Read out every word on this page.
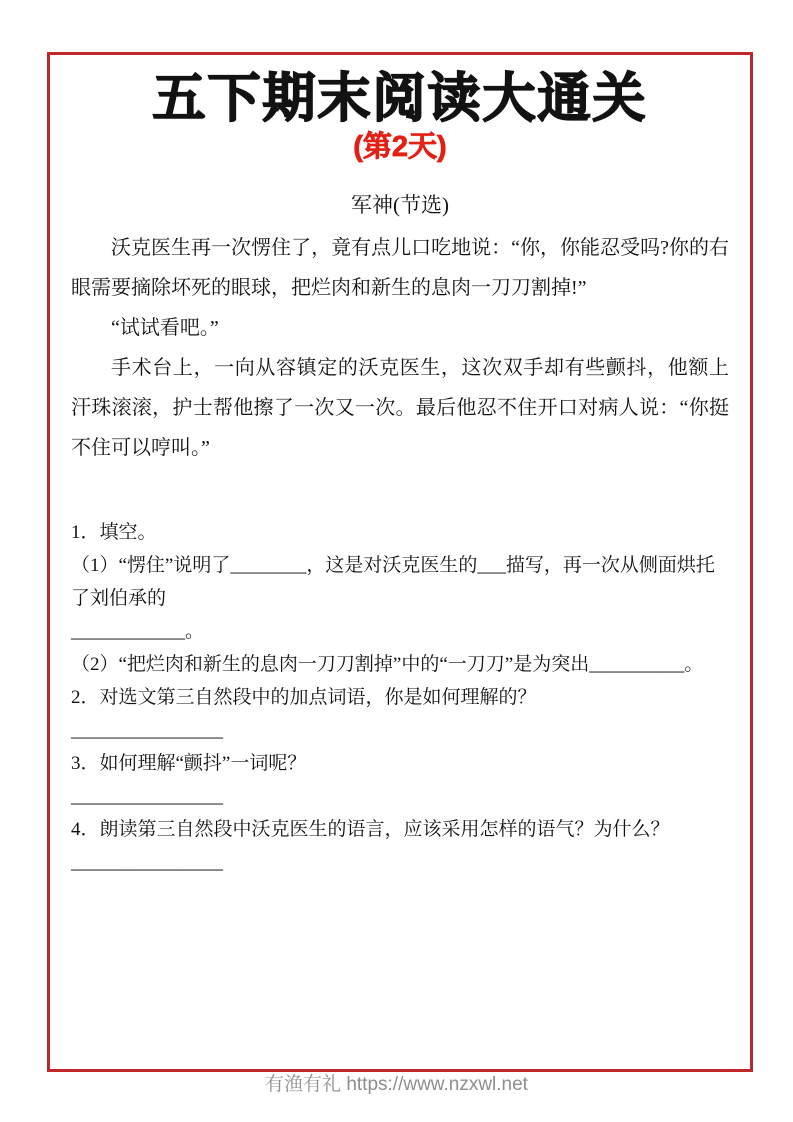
五下期末阅读大通关
(第2天)
军神(节选)

沃克医生再一次愣住了，竟有点儿口吃地说：“你，你能忍受吗?你的右眼需要摘除坏死的眼球，把烂肉和新生的息肉一刀刀割掉!”

“试试看吧。”

手术台上，一向从容镇定的沃克医生，这次双手却有些颤抖，他额上汗珠滚滚，护士帮他擦了一次又一次。最后他忍不住开口对病人说：“你挺不住可以哼叫。”

1．填空。
（1）“愣住”说明了________，这是对沃克医生的___描写，再一次从侧面烘托了刘伯承的
____________。
（2）“把烂肉和新生的息肉一刀刀割掉”中的“一刀刀”是为突出__________。
2．对选文第三自然段中的加点词语，你是如何理解的？
________________
3．如何理解“颤抖”一词呢？
________________
4．朗读第三自然段中沃克医生的语言，应该采用怎样的语气？为什么？
________________
有渔有礼 https://www.nzxwl.net
